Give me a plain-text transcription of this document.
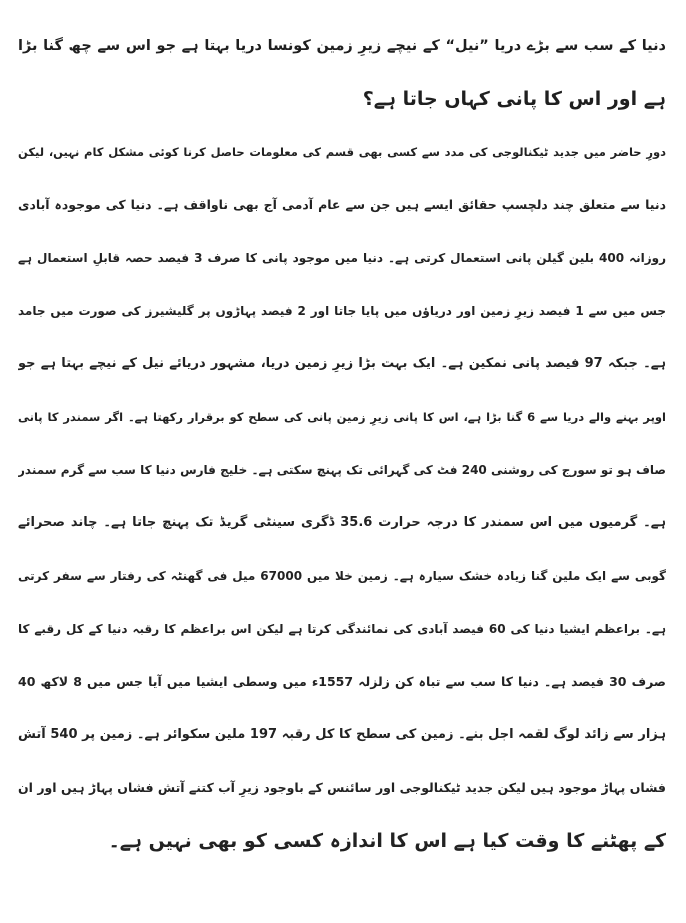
دنیا کے سب سے بڑے دریا ”نیل“ کے نیچے زیرِ زمین کونسا دریا بہتا ہے جو اس سے چھ گنا بڑا
ہے اور اس کا پانی کہاں جاتا ہے؟
دورِ حاضر میں جدید ٹیکنالوجی کی مدد سے کسی بھی قسم کی معلومات حاصل کرنا کوئی مشکل کام نہیں، لیکن
دنیا سے متعلق چند دلچسپ حقائق ایسے ہیں جن سے عام آدمی آج بھی ناواقف ہے۔ دنیا کی موجودہ آبادی
روزانہ 400 بلین گیلن پانی استعمال کرتی ہے۔ دنیا میں موجود پانی کا صرف 3 فیصد حصہ قابلِ استعمال ہے
جس میں سے 1 فیصد زیرِ زمین اور دریاؤں میں پایا جاتا اور 2 فیصد پہاڑوں پر گلیشیرز کی صورت میں جامد
ہے۔ جبکہ 97 فیصد پانی نمکین ہے۔ ایک بہت بڑا زیرِ زمین دریا، مشہور دریائے نیل کے نیچے بہتا ہے جو
اوپر بہنے والے دریا سے 6 گنا بڑا ہے، اس کا پانی زیرِ زمین پانی کی سطح کو برقرار رکھتا ہے۔ اگر سمندر کا پانی
صاف ہو تو سورج کی روشنی 240 فٹ کی گہرائی تک پہنچ سکتی ہے۔ خلیج فارس دنیا کا سب سے گرم سمندر
ہے۔ گرمیوں میں اس سمندر کا درجہ حرارت 35.6 ڈگری سینٹی گریڈ تک پہنچ جاتا ہے۔ چاند صحرائے
گوبی سے ایک ملین گنا زیادہ خشک سیارہ ہے۔ زمین خلا میں 67000 میل فی گھنٹہ کی رفتار سے سفر کرتی
ہے۔ براعظم ایشیا دنیا کی 60 فیصد آبادی کی نمائندگی کرتا ہے لیکن اس براعظم کا رقبہ دنیا کے کل رقبے کا
صرف 30 فیصد ہے۔ دنیا کا سب سے تباہ کن زلزلہ 1557ء میں وسطی ایشیا میں آیا جس میں 8 لاکھ 40
ہزار سے زائد لوگ لقمہ اجل بنے۔ زمین کی سطح کا کل رقبہ 197 ملین سکوائر ہے۔ زمین پر 540 آتش
فشاں پہاڑ موجود ہیں لیکن جدید ٹیکنالوجی اور سائنس کے باوجود زیرِ آب کتنے آتش فشاں پہاڑ ہیں اور ان
کے پھٹنے کا وقت کیا ہے اس کا اندازہ کسی کو بھی نہیں ہے۔
